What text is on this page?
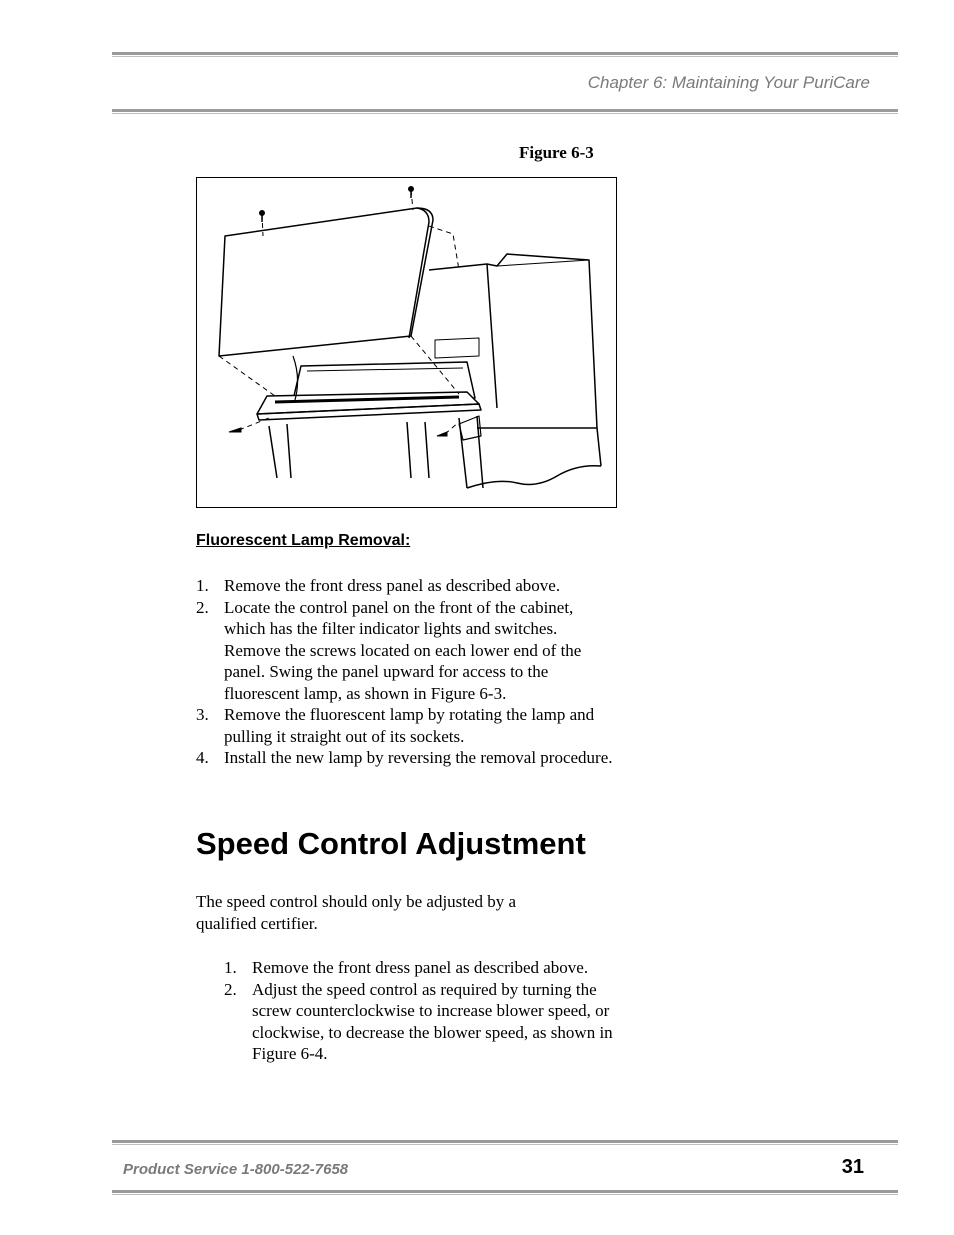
Chapter 6: Maintaining Your PuriCare
Figure 6-3
Fluorescent Lamp Removal:
1. Remove the front dress panel as described above.
2. Locate the control panel on the front of the cabinet, which has the filter indicator lights and switches. Remove the screws located on each lower end of the panel. Swing the panel upward for access to the fluorescent lamp, as shown in Figure 6-3.
3. Remove the fluorescent lamp by rotating the lamp and pulling it straight out of its sockets.
4. Install the new lamp by reversing the removal procedure.
Speed Control Adjustment
The speed control should only be adjusted by a qualified certifier.
1. Remove the front dress panel as described above.
2. Adjust the speed control as required by turning the screw counterclockwise to increase blower speed, or clockwise, to decrease the blower speed, as shown in Figure 6-4.
Product Service 1-800-522-7658	31
